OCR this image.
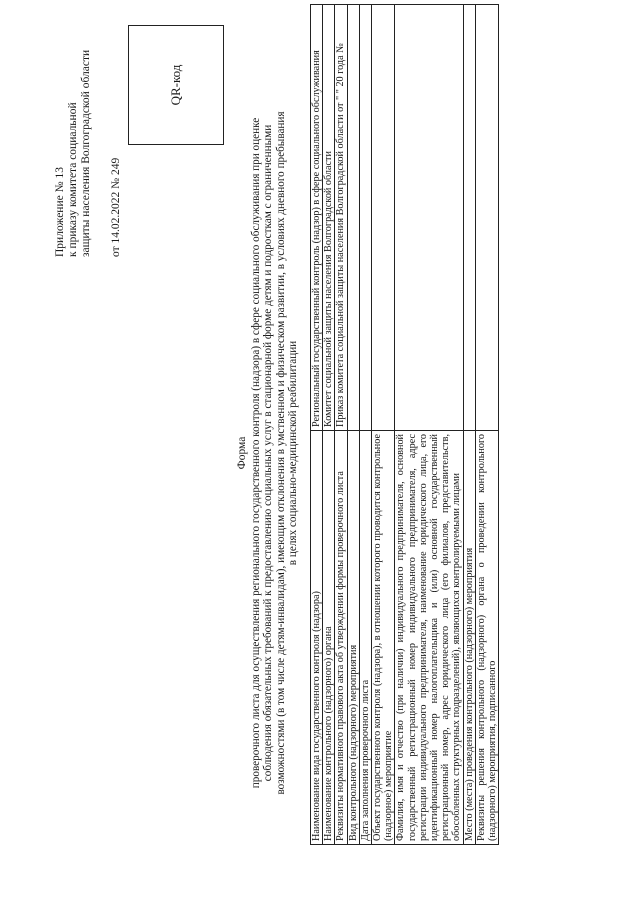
Приложение № 13 к приказу комитета социальной защиты населения Волгоградской области от 14.02.2022 № 249
QR-код
Форма проверочного листа для осуществления регионального государственного контроля (надзора) в сфере социального обслуживания при оценке соблюдения обязательных требований к предоставлению социальных услуг в стационарной форме детям и подросткам с ограниченными возможностями (в том числе детям-инвалидам), имеющим отклонения в умственном и физическом развитии, в условиях дневного пребывания в целях социально-медицинской реабилитации
Наименование вида государственного контроля (надзора)	Региональный государственный контроль (надзор) в сфере социального обслуживания
Наименование контрольного (надзорного) органа	Комитет социальной защиты населения Волгоградской области
Реквизиты нормативного правового акта об утверждении формы проверочного листа	Приказ комитета социальной защиты населения Волгоградской области от " " 20 года №
Вид контрольного (надзорного) мероприятия	
Дата заполнения проверочного листа	
Объект государственного контроля (надзора), в отношении которого проводится контрольное (надзорное) мероприятие	
Фамилия, имя и отчество (при наличии) индивидуального предпринимателя, основной государственный регистрационный номер индивидуального предпринимателя, адрес регистрации индивидуального предпринимателя, наименование юридического лица, его идентификационный номер налогоплательщика и (или) основной государственный регистрационный номер, адрес юридического лица (его филиалов, представительств, обособленных структурных подразделений), являющихся контролируемыми лицами	
Место (места) проведения контрольного (надзорного) мероприятия	
Реквизиты решения контрольного (надзорного) органа о проведении контрольного (надзорного) мероприятия, подписанного	
